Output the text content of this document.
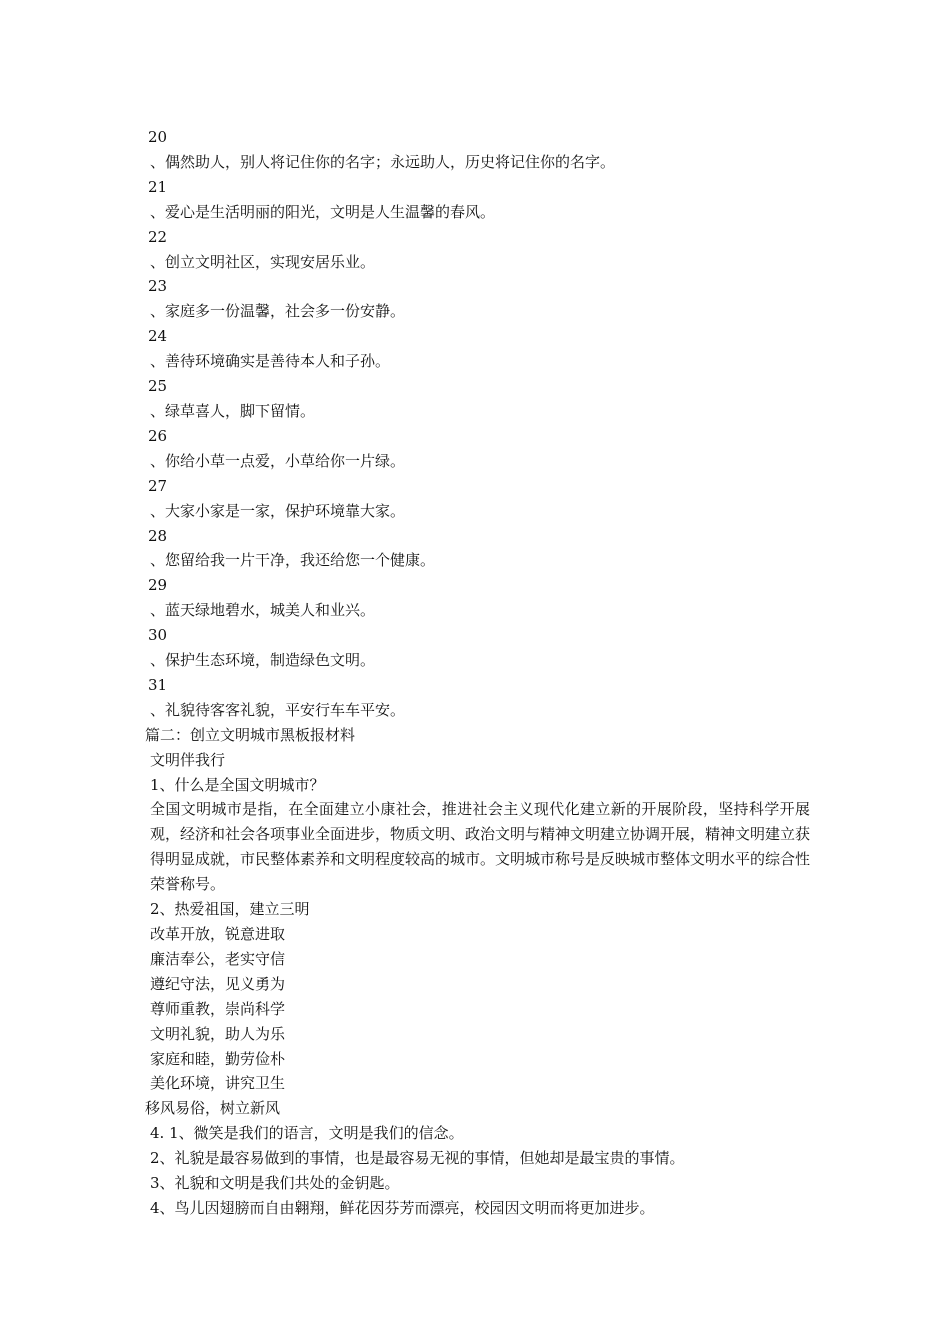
20

、偶然助人，别人将记住你的名字；永远助人，历史将记住你的名字。

21

、爱心是生活明丽的阳光，文明是人生温馨的春风。

22

、创立文明社区，实现安居乐业。

23

、家庭多一份温馨，社会多一份安静。

24

、善待环境确实是善待本人和子孙。

25

、绿草喜人，脚下留情。

26

、你给小草一点爱，小草给你一片绿。

27

、大家小家是一家，保护环境靠大家。

28

、您留给我一片干净，我还给您一个健康。

29

、蓝天绿地碧水，城美人和业兴。

30

、保护生态环境，制造绿色文明。

31

、礼貌待客客礼貌，平安行车车平安。

篇二：创立文明城市黑板报材料

文明伴我行

1、什么是全国文明城市？

全国文明城市是指，在全面建立小康社会，推进社会主义现代化建立新的开展阶段，坚持科学开展观，经济和社会各项事业全面进步，物质文明、政治文明与精神文明建立协调开展，精神文明建立获得明显成就，市民整体素养和文明程度较高的城市。文明城市称号是反映城市整体文明水平的综合性荣誉称号。

2、热爱祖国，建立三明

改革开放，锐意进取

廉洁奉公，老实守信

遵纪守法，见义勇为

尊师重教，崇尚科学

文明礼貌，助人为乐

家庭和睦，勤劳俭朴

美化环境，讲究卫生

移风易俗，树立新风

4. 1、微笑是我们的语言，文明是我们的信念。

2、礼貌是最容易做到的事情，也是最容易无视的事情，但她却是最宝贵的事情。

3、礼貌和文明是我们共处的金钥匙。

4、鸟儿因翅膀而自由翱翔，鲜花因芬芳而漂亮，校园因文明而将更加进步。
